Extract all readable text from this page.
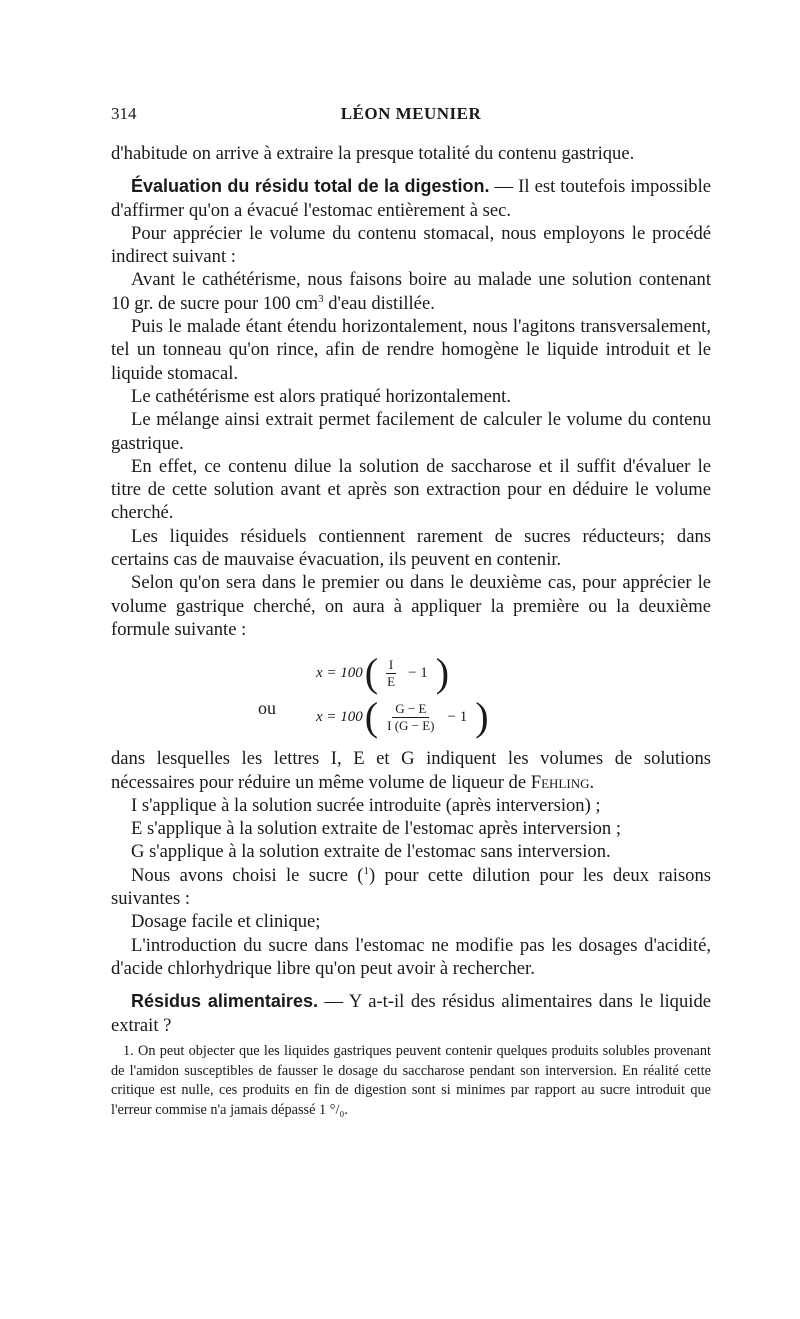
314	LÉON MEUNIER

d'habitude on arrive à extraire la presque totalité du contenu gastrique.

Évaluation du résidu total de la digestion. — Il est toutefois impossible d'affirmer qu'on a évacué l'estomac entièrement à sec.

Pour apprécier le volume du contenu stomacal, nous employons le procédé indirect suivant :

Avant le cathétérisme, nous faisons boire au malade une solution contenant 10 gr. de sucre pour 100 $cm^3$ d'eau distillée.

Puis le malade étant étendu horizontalement, nous l'agitons transversalement, tel un tonneau qu'on rince, afin de rendre homogène le liquide introduit et le liquide stomacal.

Le cathétérisme est alors pratiqué horizontalement.

Le mélange ainsi extrait permet facilement de calculer le volume du contenu gastrique.

En effet, ce contenu dilue la solution de saccharose et il suffit d'évaluer le titre de cette solution avant et après son extraction pour en déduire le volume cherché.

Les liquides résiduels contiennent rarement de sucres réducteurs; dans certains cas de mauvaise évacuation, ils peuvent en contenir.

Selon qu'on sera dans le premier ou dans le deuxième cas, pour apprécier le volume gastrique cherché, on aura à appliquer la première ou la deuxième formule suivante :

x = 100 ( $\frac{I}{E} - 1$ )
ou	x = 100 ( $\frac{G - E}{I (G - E)} - 1$ )

dans lesquelles les lettres I, E et G indiquent les volumes de solutions nécessaires pour réduire un même volume de liqueur de Fehling.

I s'applique à la solution sucrée introduite (après interversion) ;

E s'applique à la solution extraite de l'estomac après interversion ;

G s'applique à la solution extraite de l'estomac sans interversion.

Nous avons choisi le sucre ($^1$) pour cette dilution pour les deux raisons suivantes :

Dosage facile et clinique;

L'introduction du sucre dans l'estomac ne modifie pas les dosages d'acidité, d'acide chlorhydrique libre qu'on peut avoir à rechercher.

Résidus alimentaires. — Y a-t-il des résidus alimentaires dans le liquide extrait ?

1. On peut objecter que les liquides gastriques peuvent contenir quelques produits solubles provenant de l'amidon susceptibles de fausser le dosage du saccharose pendant son interversion. En réalité cette critique est nulle, ces produits en fin de digestion sont si minimes par rapport au sucre introduit que l'erreur commise n'a jamais dépassé 1 °/₀.
